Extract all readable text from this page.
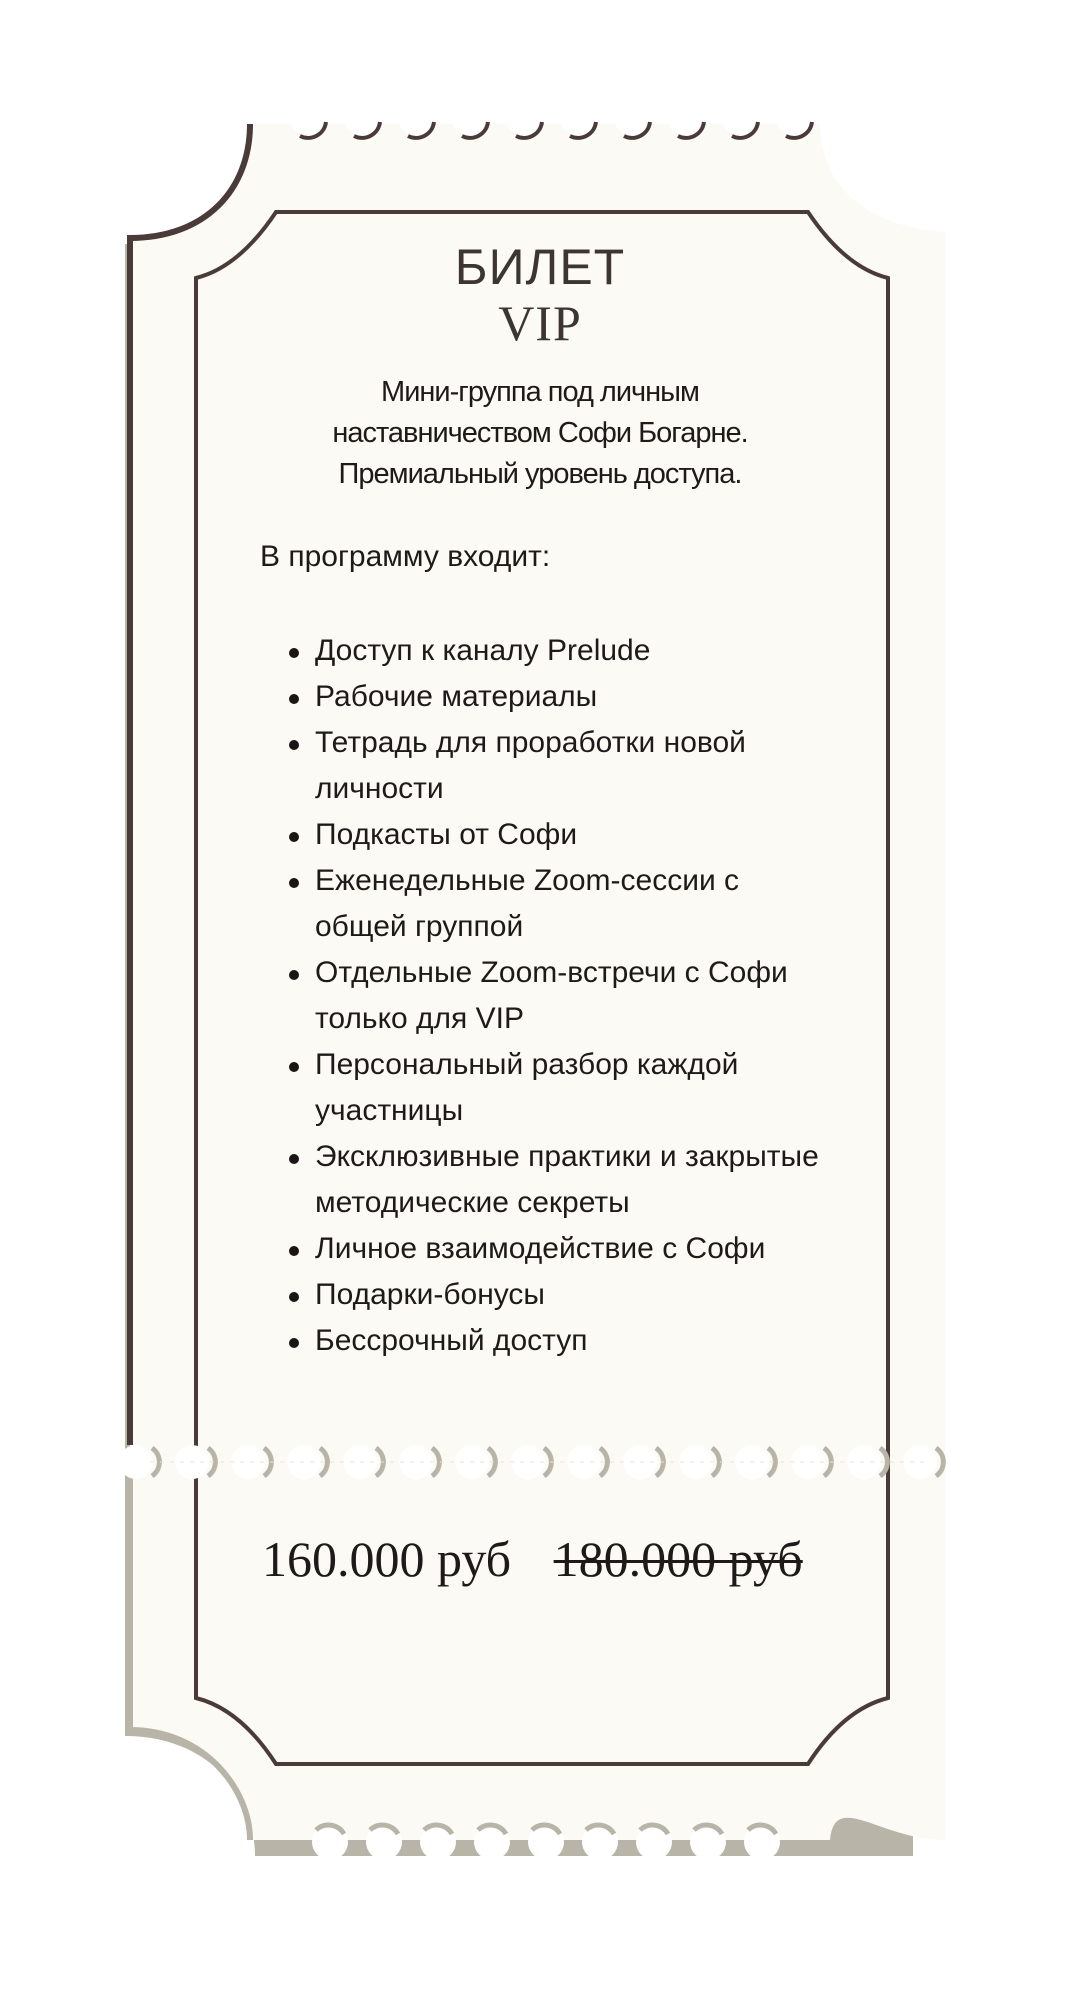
БИЛЕТ
VIP
Мини-группа под личным
наставничеством Софи Богарне.
Премиальный уровень доступа.
В программу входит:
Доступ к каналу Prelude
Рабочие материалы
Тетрадь для проработки новой личности
Подкасты от Софи
Еженедельные Zoom-сессии с общей группой
Отдельные Zoom-встречи с Софи только для VIP
Персональный разбор каждой участницы
Эксклюзивные практики и закрытые методические секреты
Личное взаимодействие с Софи
Подарки-бонусы
Бессрочный доступ
160.000 руб 180.000 руб
